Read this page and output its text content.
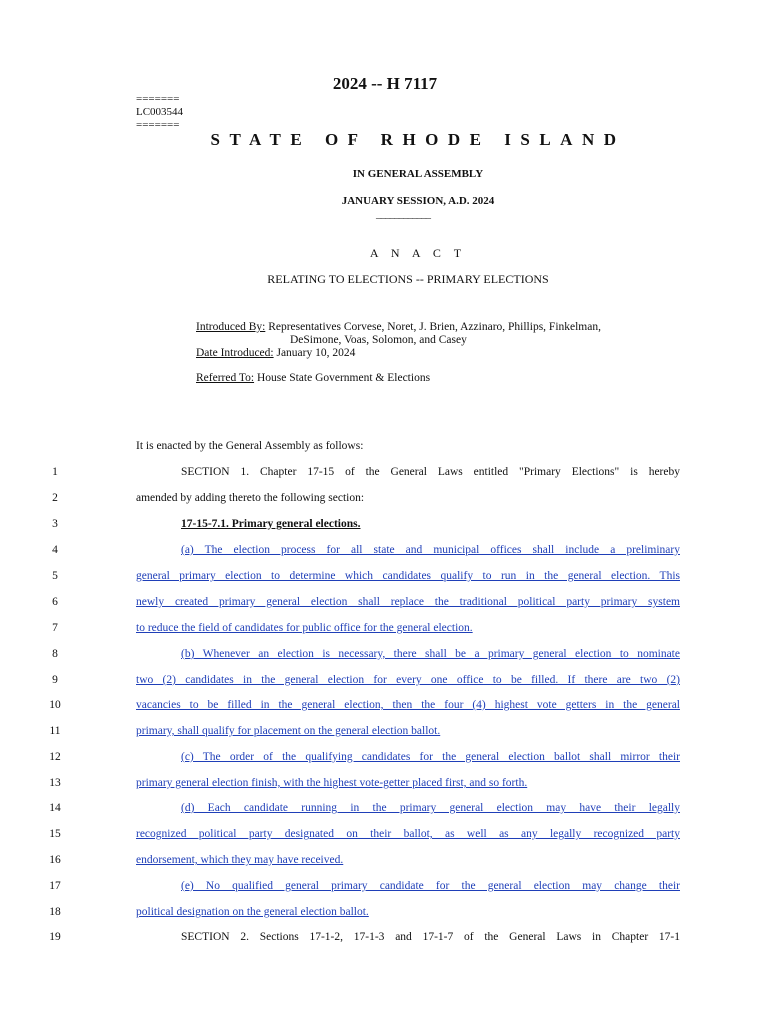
2024 -- H 7117
=======
LC003544
=======
STATE OF RHODE ISLAND
IN GENERAL ASSEMBLY
JANUARY SESSION, A.D. 2024
____________
A N A C T
RELATING TO ELECTIONS -- PRIMARY ELECTIONS
Introduced By: Representatives Corvese, Noret, J. Brien, Azzinaro, Phillips, Finkelman,
DeSimone, Voas, Solomon, and Casey
Date Introduced: January 10, 2024
Referred To: House State Government & Elections
It is enacted by the General Assembly as follows:
1	SECTION 1. Chapter 17-15 of the General Laws entitled "Primary Elections" is hereby
2	amended by adding thereto the following section:
3	17-15-7.1. Primary general elections.
4	(a) The election process for all state and municipal offices shall include a preliminary
5	general primary election to determine which candidates qualify to run in the general election. This
6	newly created primary general election shall replace the traditional political party primary system
7	to reduce the field of candidates for public office for the general election.
8	(b) Whenever an election is necessary, there shall be a primary general election to nominate
9	two (2) candidates in the general election for every one office to be filled. If there are two (2)
10	vacancies to be filled in the general election, then the four (4) highest vote getters in the general
11	primary, shall qualify for placement on the general election ballot.
12	(c) The order of the qualifying candidates for the general election ballot shall mirror their
13	primary general election finish, with the highest vote-getter placed first, and so forth.
14	(d) Each candidate running in the primary general election may have their legally
15	recognized political party designated on their ballot, as well as any legally recognized party
16	endorsement, which they may have received.
17	(e) No qualified general primary candidate for the general election may change their
18	political designation on the general election ballot.
19	SECTION 2. Sections 17-1-2, 17-1-3 and 17-1-7 of the General Laws in Chapter 17-1
